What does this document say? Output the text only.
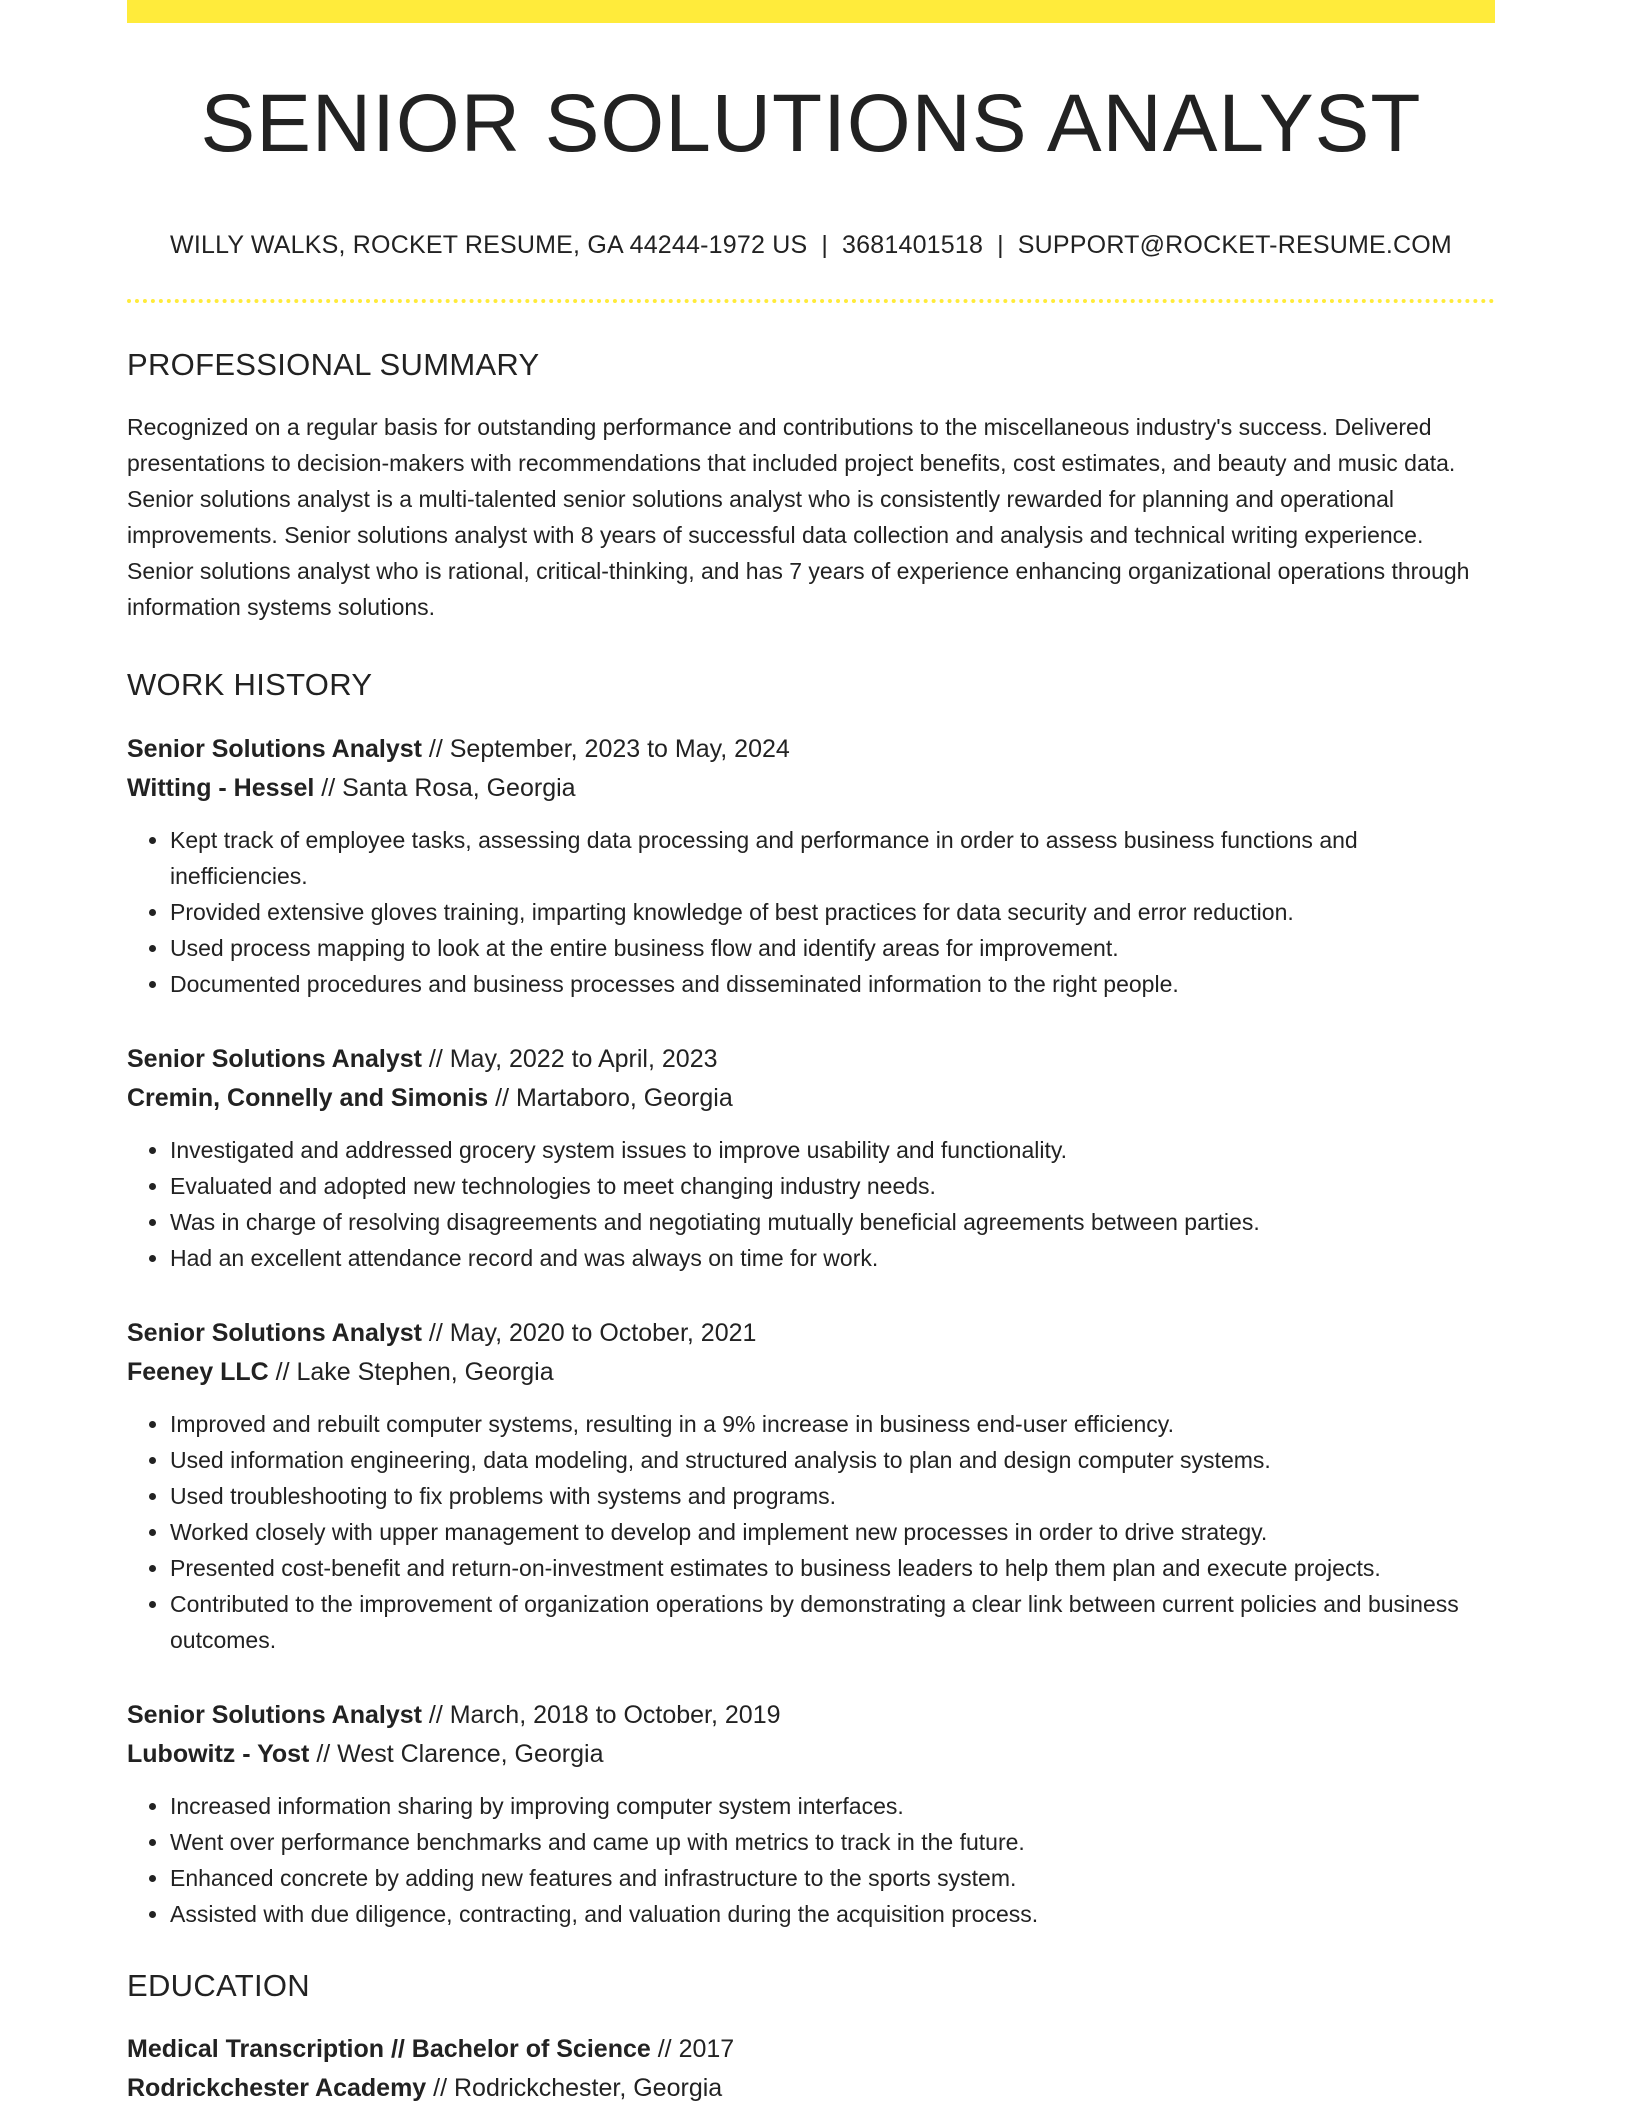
SENIOR SOLUTIONS ANALYST
WILLY WALKS, ROCKET RESUME, GA 44244-1972 US | 3681401518 | SUPPORT@ROCKET-RESUME.COM
PROFESSIONAL SUMMARY
Recognized on a regular basis for outstanding performance and contributions to the miscellaneous industry's success. Delivered presentations to decision-makers with recommendations that included project benefits, cost estimates, and beauty and music data. Senior solutions analyst is a multi-talented senior solutions analyst who is consistently rewarded for planning and operational improvements. Senior solutions analyst with 8 years of successful data collection and analysis and technical writing experience. Senior solutions analyst who is rational, critical-thinking, and has 7 years of experience enhancing organizational operations through information systems solutions.
WORK HISTORY
Senior Solutions Analyst // September, 2023 to May, 2024
Witting - Hessel // Santa Rosa, Georgia
• Kept track of employee tasks, assessing data processing and performance in order to assess business functions and inefficiencies.
• Provided extensive gloves training, imparting knowledge of best practices for data security and error reduction.
• Used process mapping to look at the entire business flow and identify areas for improvement.
• Documented procedures and business processes and disseminated information to the right people.
Senior Solutions Analyst // May, 2022 to April, 2023
Cremin, Connelly and Simonis // Martaboro, Georgia
• Investigated and addressed grocery system issues to improve usability and functionality.
• Evaluated and adopted new technologies to meet changing industry needs.
• Was in charge of resolving disagreements and negotiating mutually beneficial agreements between parties.
• Had an excellent attendance record and was always on time for work.
Senior Solutions Analyst // May, 2020 to October, 2021
Feeney LLC // Lake Stephen, Georgia
• Improved and rebuilt computer systems, resulting in a 9% increase in business end-user efficiency.
• Used information engineering, data modeling, and structured analysis to plan and design computer systems.
• Used troubleshooting to fix problems with systems and programs.
• Worked closely with upper management to develop and implement new processes in order to drive strategy.
• Presented cost-benefit and return-on-investment estimates to business leaders to help them plan and execute projects.
• Contributed to the improvement of organization operations by demonstrating a clear link between current policies and business outcomes.
Senior Solutions Analyst // March, 2018 to October, 2019
Lubowitz - Yost // West Clarence, Georgia
• Increased information sharing by improving computer system interfaces.
• Went over performance benchmarks and came up with metrics to track in the future.
• Enhanced concrete by adding new features and infrastructure to the sports system.
• Assisted with due diligence, contracting, and valuation during the acquisition process.
EDUCATION
Medical Transcription // Bachelor of Science // 2017
Rodrickchester Academy // Rodrickchester, Georgia
